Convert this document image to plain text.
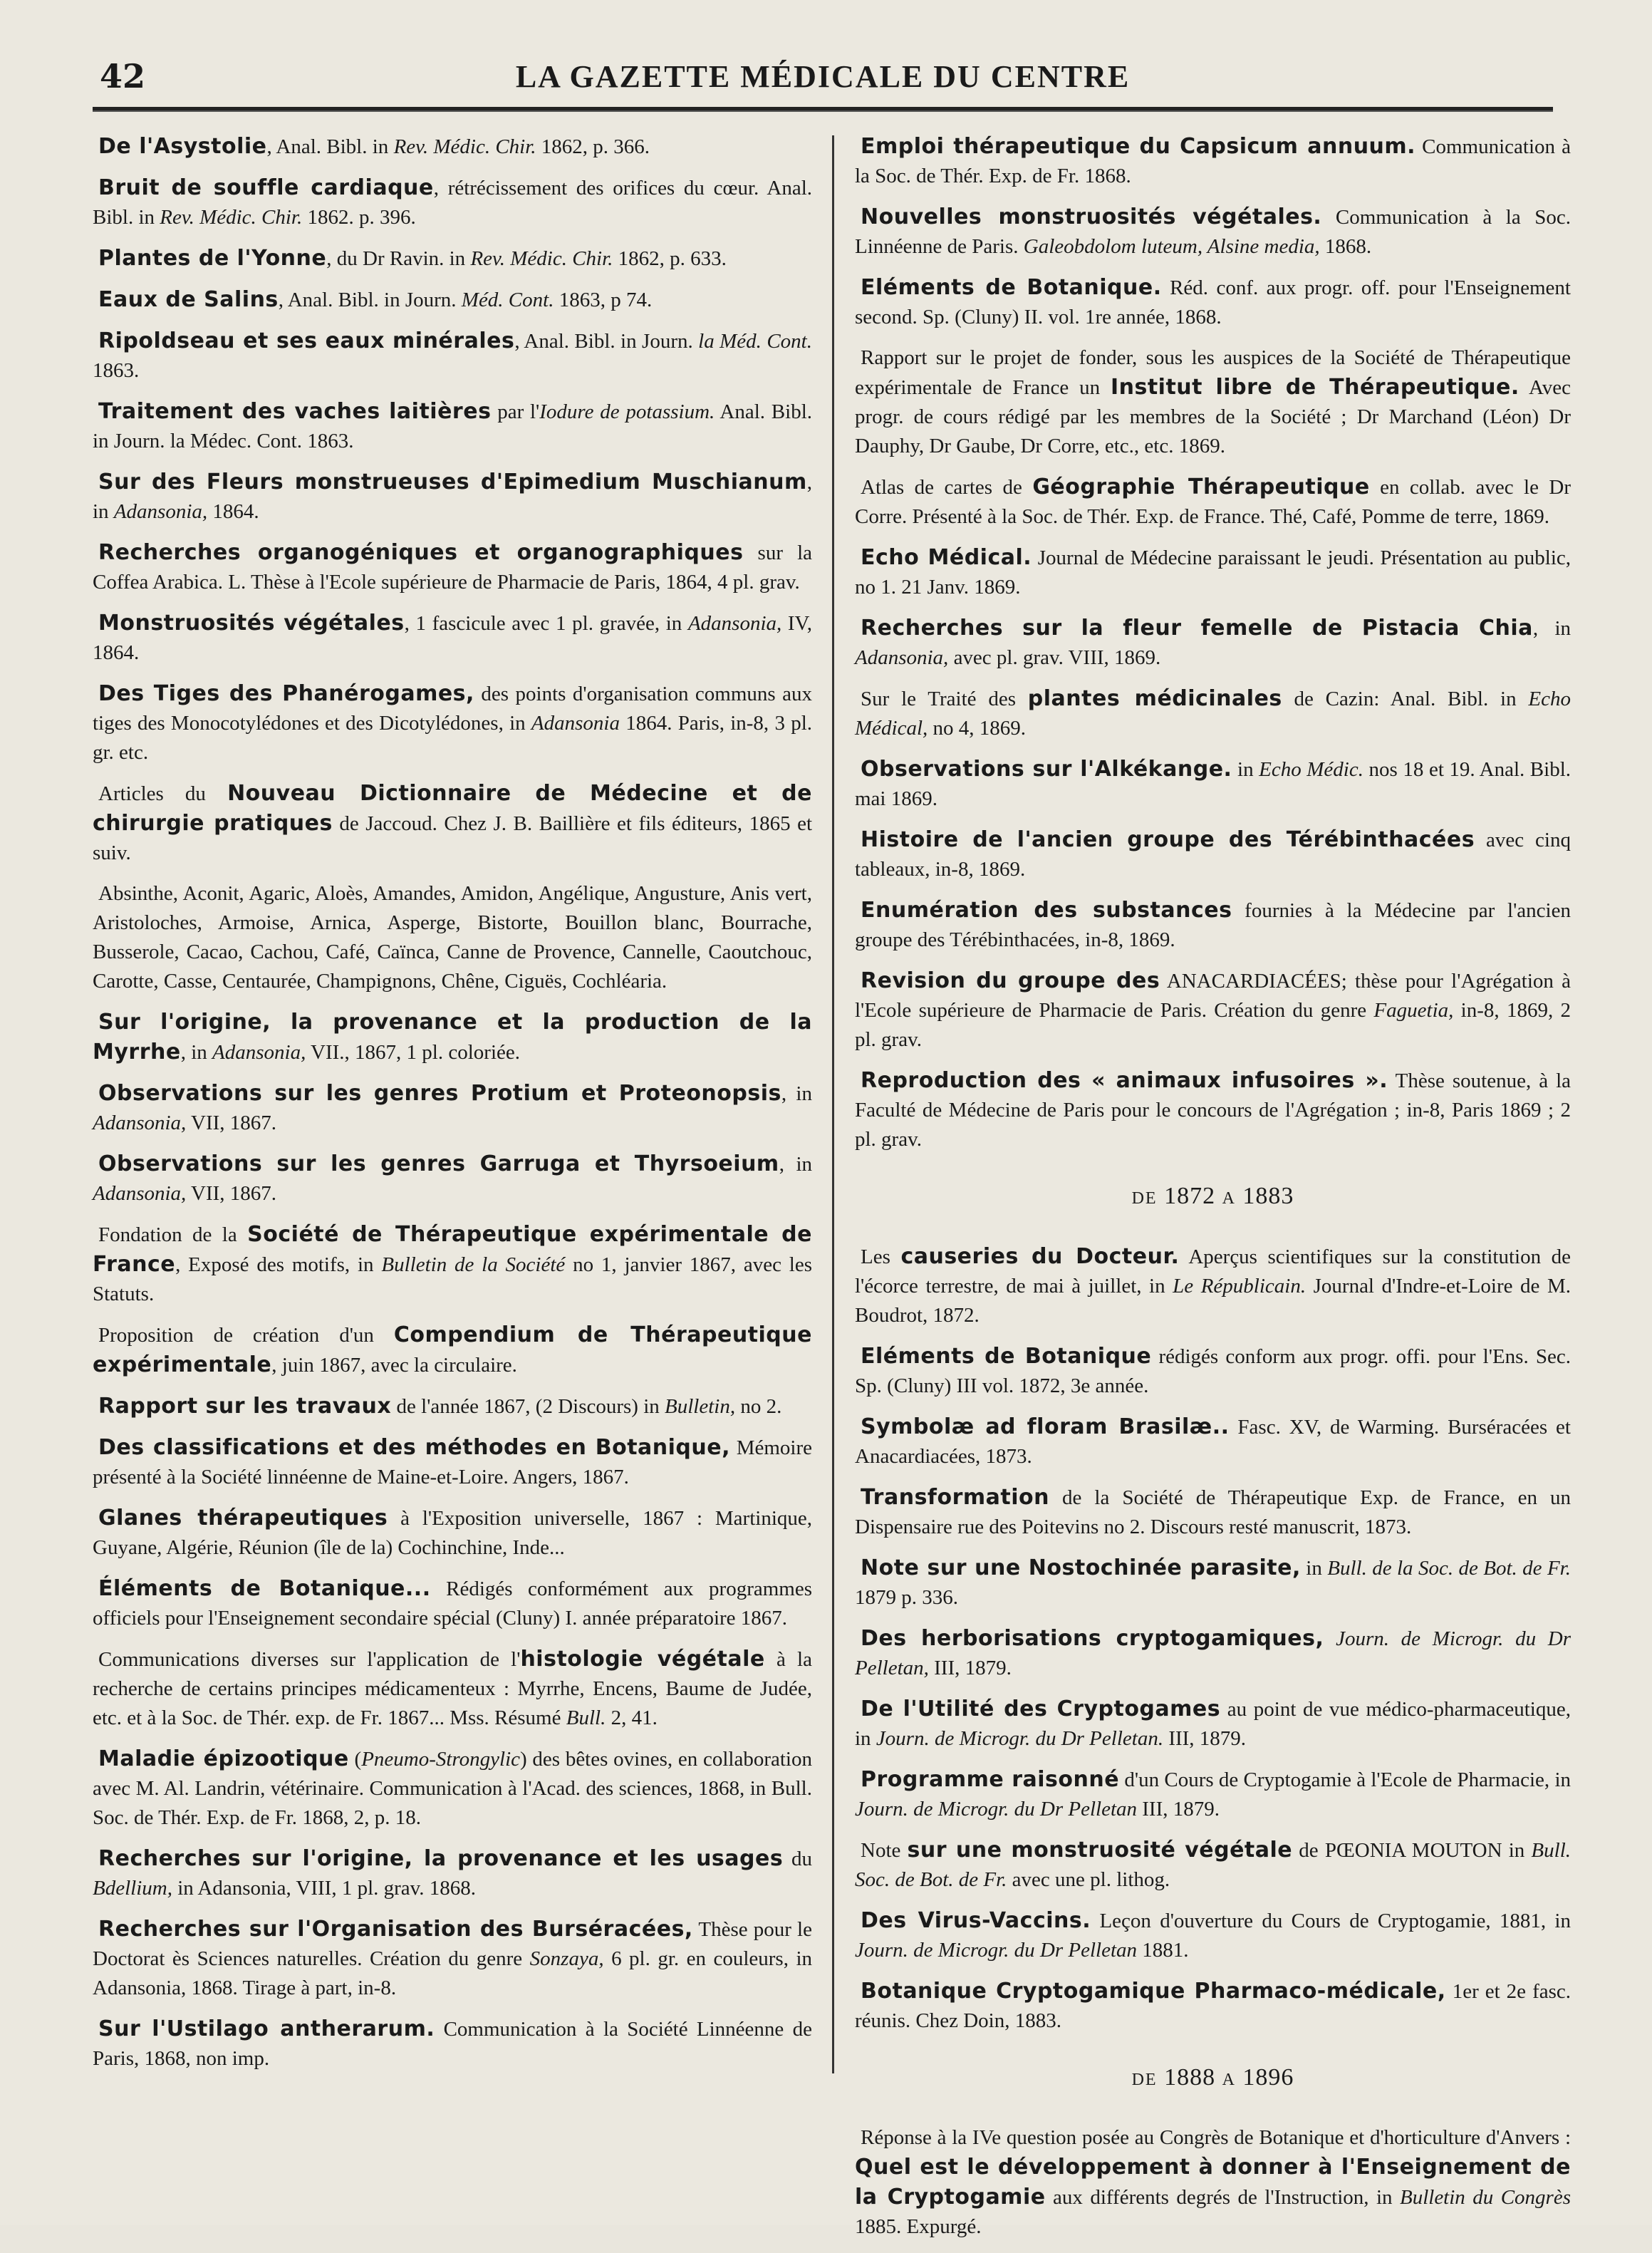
42	LA GAZETTE MÉDICALE DU CENTRE

De l'Asystolie, Anal. Bibl. in Rev. Médic. Chir. 1862, p. 366.

Bruit de souffle cardiaque, rétrécissement des orifices du cœur. Anal. Bibl. in Rev. Médic. Chir. 1862. p. 396.

Plantes de l'Yonne, du Dr Ravin. in Rev. Médic. Chir. 1862, p. 633.

Eaux de Salins, Anal. Bibl. in Journ. Méd. Cont. 1863, p 74.

Ripoldseau et ses eaux minérales, Anal. Bibl. in Journ. la Méd. Cont. 1863.

Traitement des vaches laitières par l'Iodure de potassium. Anal. Bibl. in Journ. la Médec. Cont. 1863.

Sur des Fleurs monstrueuses d'Epimedium Muschianum, in Adansonia, 1864.

Recherches organogéniques et organographiques sur la Coffea Arabica. L. Thèse à l'Ecole supérieure de Pharmacie de Paris, 1864, 4 pl. grav.

Monstruosités végétales, 1 fascicule avec 1 pl. gravée, in Adansonia, IV, 1864.

Des Tiges des Phanérogames, des points d'organisation communs aux tiges des Monocotylédones et des Dicotylédones, in Adansonia 1864. Paris, in-8, 3 pl. gr. etc.

Articles du Nouveau Dictionnaire de Médecine et de chirurgie pratiques de Jaccoud. Chez J. B. Baillière et fils éditeurs, 1865 et suiv.

Absinthe, Aconit, Agaric, Aloès, Amandes, Amidon, Angélique, Angusture, Anis vert, Aristoloches, Armoise, Arnica, Asperge, Bistorte, Bouillon blanc, Bourrache, Busserole, Cacao, Cachou, Café, Caïnca, Canne de Provence, Cannelle, Caoutchouc, Carotte, Casse, Centaurée, Champignons, Chêne, Ciguës, Cochléaria.

Sur l'origine, la provenance et la production de la Myrrhe, in Adansonia, VII., 1867, 1 pl. coloriée.

Observations sur les genres Protium et Proteonopsis, in Adansonia, VII, 1867.

Observations sur les genres Garruga et Thyrsoeium, in Adansonia, VII, 1867.

Fondation de la Société de Thérapeutique expérimentale de France, Exposé des motifs, in Bulletin de la Société no 1, janvier 1867, avec les Statuts.

Proposition de création d'un Compendium de Thérapeutique expérimentale, juin 1867, avec la circulaire.

Rapport sur les travaux de l'année 1867, (2 Discours) in Bulletin, no 2.

Des classifications et des méthodes en Botanique, Mémoire présenté à la Société linnéenne de Maine-et-Loire. Angers, 1867.

Glanes thérapeutiques à l'Exposition universelle, 1867 : Martinique, Guyane, Algérie, Réunion (île de la) Cochinchine, Inde...

Éléments de Botanique... Rédigés conformément aux programmes officiels pour l'Enseignement secondaire spécial (Cluny) I. année préparatoire 1867.

Communications diverses sur l'application de l'histologie végétale à la recherche de certains principes médicamenteux : Myrrhe, Encens, Baume de Judée, etc. et à la Soc. de Thér. exp. de Fr. 1867... Mss. Résumé Bull. 2, 41.

Maladie épizootique (Pneumo-Strongylic) des bêtes ovines, en collaboration avec M. Al. Landrin, vétérinaire. Communication à l'Acad. des sciences, 1868, in Bull. Soc. de Thér. Exp. de Fr. 1868, 2, p. 18.

Recherches sur l'origine, la provenance et les usages du Bdellium, in Adansonia, VIII, 1 pl. grav. 1868.

Recherches sur l'Organisation des Burséracées, Thèse pour le Doctorat ès Sciences naturelles. Création du genre Sonzaya, 6 pl. gr. en couleurs, in Adansonia, 1868. Tirage à part, in-8.

Sur l'Ustilago antherarum. Communication à la Société Linnéenne de Paris, 1868, non imp.

Emploi thérapeutique du Capsicum annuum. Communication à la Soc. de Thér. Exp. de Fr. 1868.

Nouvelles monstruosités végétales. Communication à la Soc. Linnéenne de Paris. Galeobdolom luteum, Alsine media, 1868.

Eléments de Botanique. Réd. conf. aux progr. off. pour l'Enseignement second. Sp. (Cluny) II. vol. 1re année, 1868.

Rapport sur le projet de fonder, sous les auspices de la Société de Thérapeutique expérimentale de France un Institut libre de Thérapeutique. Avec progr. de cours rédigé par les membres de la Société ; Dr Marchand (Léon) Dr Dauphy, Dr Gaube, Dr Corre, etc., etc. 1869.

Atlas de cartes de Géographie Thérapeutique en collab. avec le Dr Corre. Présenté à la Soc. de Thér. Exp. de France. Thé, Café, Pomme de terre, 1869.

Echo Médical. Journal de Médecine paraissant le jeudi. Présentation au public, no 1. 21 Janv. 1869.

Recherches sur la fleur femelle de Pistacia Chia, in Adansonia, avec pl. grav. VIII, 1869.

Sur le Traité des plantes médicinales de Cazin: Anal. Bibl. in Echo Médical, no 4, 1869.

Observations sur l'Alkékange. in Echo Médic. nos 18 et 19. Anal. Bibl. mai 1869.

Histoire de l'ancien groupe des Térébinthacées avec cinq tableaux, in-8, 1869.

Enumération des substances fournies à la Médecine par l'ancien groupe des Térébinthacées, in-8, 1869.

Revision du groupe des ANACARDIACÉES; thèse pour l'Agrégation à l'Ecole supérieure de Pharmacie de Paris. Création du genre Faguetia, in-8, 1869, 2 pl. grav.

Reproduction des « animaux infusoires ». Thèse soutenue, à la Faculté de Médecine de Paris pour le concours de l'Agrégation ; in-8, Paris 1869 ; 2 pl. grav.

DE 1872 A 1883

Les causeries du Docteur. Aperçus scientifiques sur la constitution de l'écorce terrestre, de mai à juillet, in Le Républicain. Journal d'Indre-et-Loire de M. Boudrot, 1872.

Eléments de Botanique rédigés conform aux progr. offi. pour l'Ens. Sec. Sp. (Cluny) III vol. 1872, 3e année.

Symbolæ ad floram Brasilæ.. Fasc. XV, de Warming. Burséracées et Anacardiacées, 1873.

Transformation de la Société de Thérapeutique Exp. de France, en un Dispensaire rue des Poitevins no 2. Discours resté manuscrit, 1873.

Note sur une Nostochinée parasite, in Bull. de la Soc. de Bot. de Fr. 1879 p. 336.

Des herborisations cryptogamiques, Journ. de Microgr. du Dr Pelletan, III, 1879.

De l'Utilité des Cryptogames au point de vue médico-pharmaceutique, in Journ. de Microgr. du Dr Pelletan. III, 1879.

Programme raisonné d'un Cours de Cryptogamie à l'Ecole de Pharmacie, in Journ. de Microgr. du Dr Pelletan III, 1879.

Note sur une monstruosité végétale de PŒONIA MOUTON in Bull. Soc. de Bot. de Fr. avec une pl. lithog.

Des Virus-Vaccins. Leçon d'ouverture du Cours de Cryptogamie, 1881, in Journ. de Microgr. du Dr Pelletan 1881.

Botanique Cryptogamique Pharmaco-médicale, 1er et 2e fasc. réunis. Chez Doin, 1883.

DE 1888 A 1896

Réponse à la IVe question posée au Congrès de Botanique et d'horticulture d'Anvers : Quel est le développement à donner à l'Enseignement de la Cryptogamie aux différents degrés de l'Instruction, in Bulletin du Congrès 1885. Expurgé.
